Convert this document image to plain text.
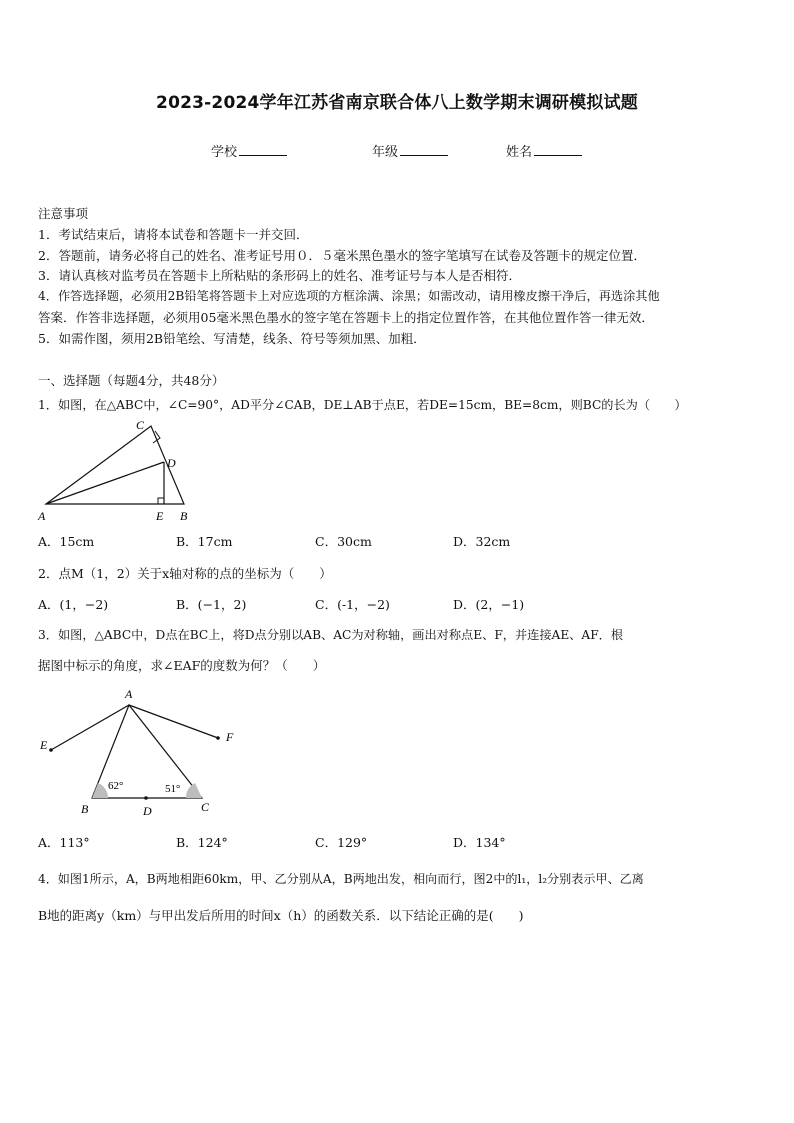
2023-2024学年江苏省南京联合体八上数学期末调研模拟试题
学校	年级	姓名
注意事项
1．考试结束后，请将本试卷和答题卡一并交回．
2．答题前，请务必将自己的姓名、准考证号用０．５毫米黑色墨水的签字笔填写在试卷及答题卡的规定位置．
3．请认真核对监考员在答题卡上所粘贴的条形码上的姓名、准考证号与本人是否相符．
4．作答选择题，必须用2B铅笔将答题卡上对应选项的方框涂满、涂黑；如需改动，请用橡皮擦干净后，再选涂其他
答案．作答非选择题，必须用05毫米黑色墨水的签字笔在答题卡上的指定位置作答，在其他位置作答一律无效．
5．如需作图，须用2B铅笔绘、写清楚，线条、符号等须加黑、加粗．
一、选择题（每题4分，共48分）
1．如图，在△ABC中，∠C=90°，AD平分∠CAB，DE⊥AB于点E，若DE=15cm，BE=8cm，则BC的长为（　　）
C
D
A	E B
A．15cm	B．17cm	C．30cm	D．32cm
2．点M（1，2）关于x轴对称的点的坐标为（　　）
A．(1，−2)	B．(−1，2)	C．(-1，−2)	D．(2，−1)
3．如图，△ABC中，D点在BC上，将D点分别以AB、AC为对称轴，画出对称点E、F，并连接AE、AF．根
据图中标示的角度，求∠EAF的度数为何？（　　）
A
E
F
B	D	C
62°	51°
A．113°	B．124°	C．129°	D．134°
4．如图1所示，A，B两地相距60km，甲、乙分别从A，B两地出发，相向而行，图2中的l₁，l₂分别表示甲、乙离
B地的距离y（km）与甲出发后所用的时间x（h）的函数关系．以下结论正确的是(　　)
